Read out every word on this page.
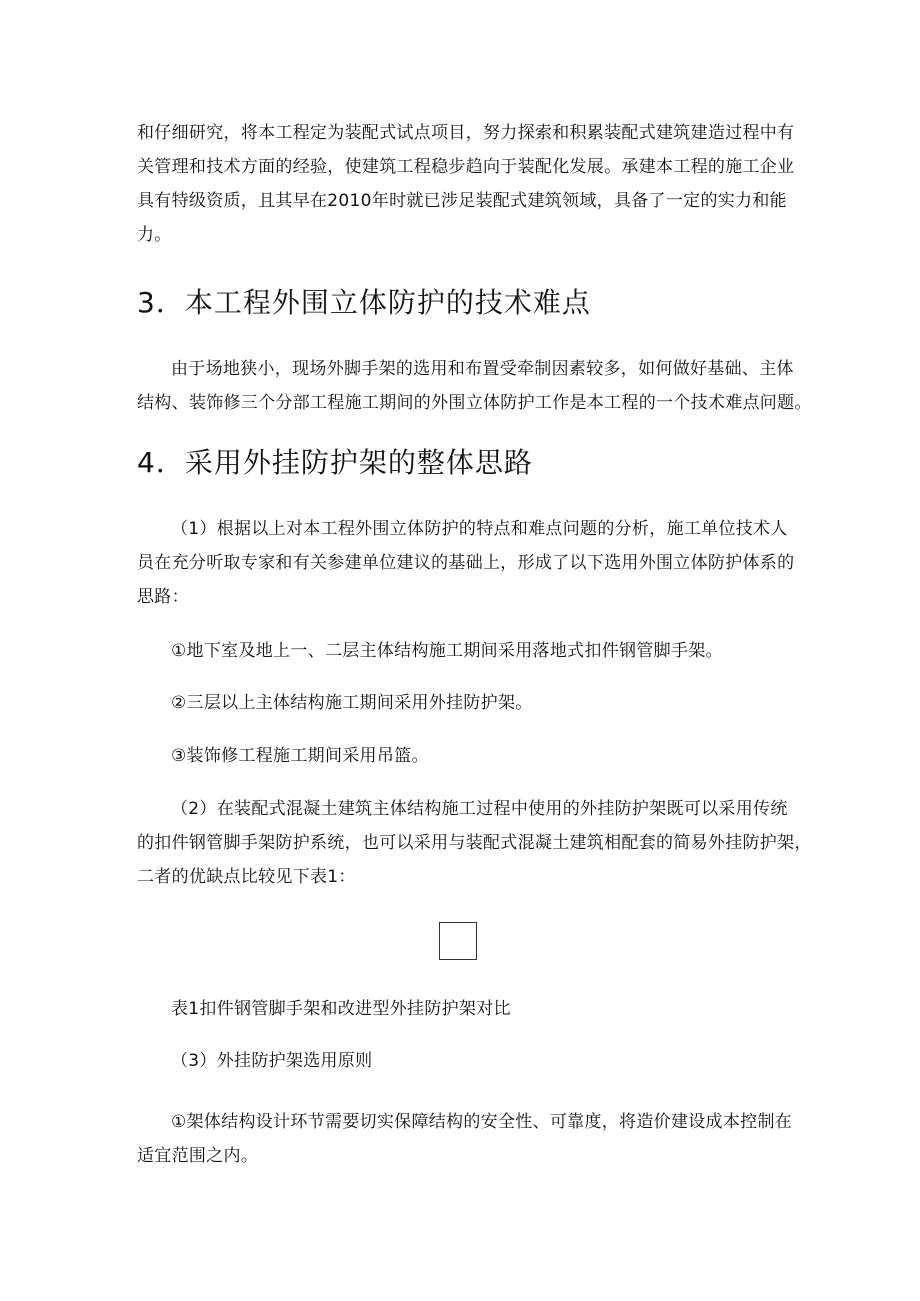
和仔细研究，将本工程定为装配式试点项目，努力探索和积累装配式建筑建造过程中有
关管理和技术方面的经验，使建筑工程稳步趋向于装配化发展。承建本工程的施工企业
具有特级资质，且其早在2010年时就已涉足装配式建筑领域，具备了一定的实力和能
力。

3．本工程外围立体防护的技术难点

由于场地狭小，现场外脚手架的选用和布置受牵制因素较多，如何做好基础、主体
结构、装饰修三个分部工程施工期间的外围立体防护工作是本工程的一个技术难点问题。

4．采用外挂防护架的整体思路

（1）根据以上对本工程外围立体防护的特点和难点问题的分析，施工单位技术人
员在充分听取专家和有关参建单位建议的基础上，形成了以下选用外围立体防护体系的
思路：

①地下室及地上一、二层主体结构施工期间采用落地式扣件钢管脚手架。

②三层以上主体结构施工期间采用外挂防护架。

③装饰修工程施工期间采用吊篮。

（2）在装配式混凝土建筑主体结构施工过程中使用的外挂防护架既可以采用传统
的扣件钢管脚手架防护系统，也可以采用与装配式混凝土建筑相配套的简易外挂防护架，
二者的优缺点比较见下表1：

表1扣件钢管脚手架和改进型外挂防护架对比

（3）外挂防护架选用原则

①架体结构设计环节需要切实保障结构的安全性、可靠度，将造价建设成本控制在
适宜范围之内。
